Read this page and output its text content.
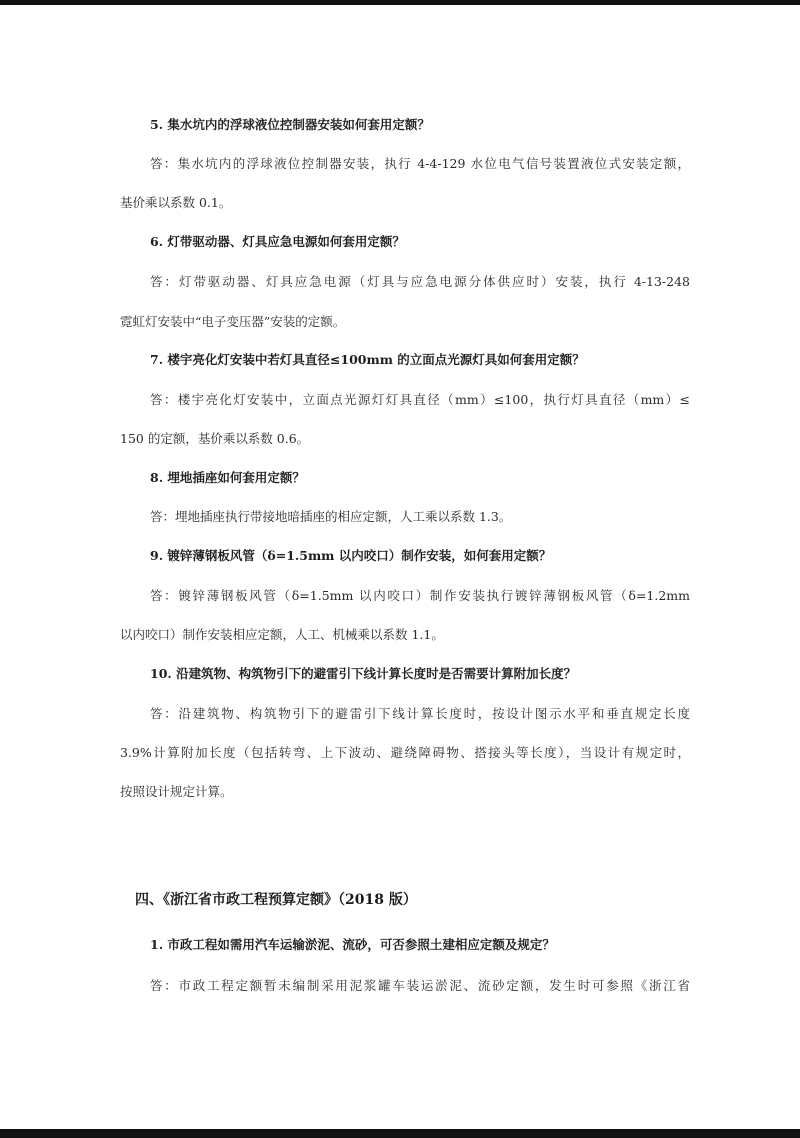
5. 集水坑内的浮球液位控制器安装如何套用定额？
答：集水坑内的浮球液位控制器安装，执行 4-4-129 水位电气信号装置液位式安装定额，
基价乘以系数 0.1。
6. 灯带驱动器、灯具应急电源如何套用定额？
答：灯带驱动器、灯具应急电源（灯具与应急电源分体供应时）安装，执行 4-13-248
霓虹灯安装中“电子变压器”安装的定额。
7. 楼宇亮化灯安装中若灯具直径≤100mm 的立面点光源灯具如何套用定额？
答：楼宇亮化灯安装中，立面点光源灯灯具直径（mm）≤100，执行灯具直径（mm）≤
150 的定额，基价乘以系数 0.6。
8. 埋地插座如何套用定额？
答：埋地插座执行带接地暗插座的相应定额，人工乘以系数 1.3。
9. 镀锌薄钢板风管（δ=1.5mm 以内咬口）制作安装，如何套用定额？
答：镀锌薄钢板风管（δ=1.5mm 以内咬口）制作安装执行镀锌薄钢板风管（δ=1.2mm
以内咬口）制作安装相应定额，人工、机械乘以系数 1.1。
10. 沿建筑物、构筑物引下的避雷引下线计算长度时是否需要计算附加长度？
答：沿建筑物、构筑物引下的避雷引下线计算长度时，按设计图示水平和垂直规定长度
3.9%计算附加长度（包括转弯、上下波动、避绕障碍物、搭接头等长度），当设计有规定时，
按照设计规定计算。
四、《浙江省市政工程预算定额》（2018 版）
1. 市政工程如需用汽车运输淤泥、流砂，可否参照土建相应定额及规定？
答：市政工程定额暂未编制采用泥浆罐车装运淤泥、流砂定额，发生时可参照《浙江省
